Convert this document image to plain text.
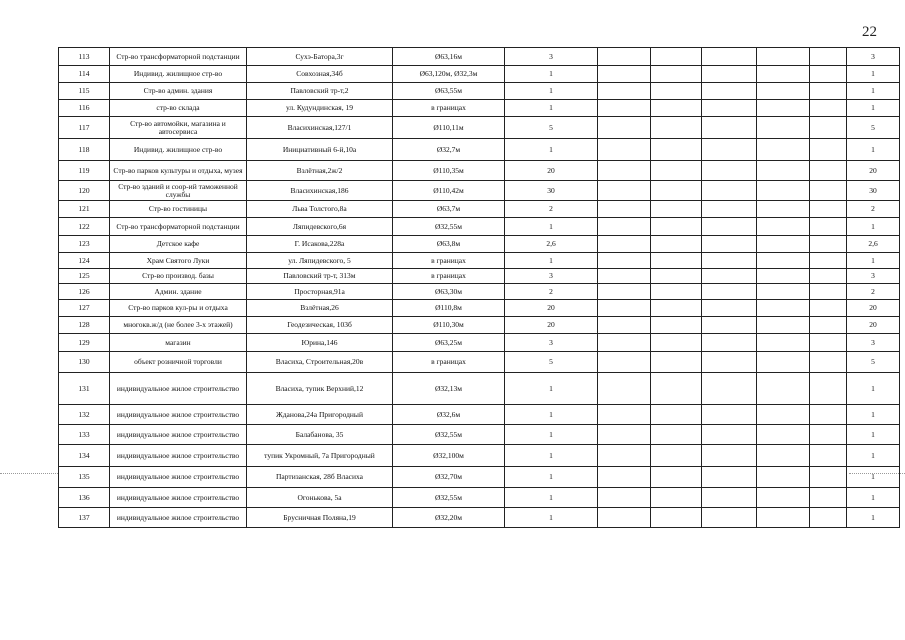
22
113	Стр-во трансформаторной подстанции	Сухэ-Батора,3г	Ø63,16м	3						3
114	Индивид. жилищное стр-во	Совхозная,34б	Ø63,120м, Ø32,3м	1						1
115	Стр-во админ. здания	Павловский тр-т,2	Ø63,55м	1						1
116	стр-во склада	ул. Кудундинская, 19	в границах	1						1
117	Стр-во автомойки, магазина и автосервиса	Власихинская,127/1	Ø110,11м	5						5
118	Индивид. жилищное стр-во	Инициативный 6-й,10а	Ø32,7м	1						1
119	Стр-во парков культуры и отдыха, музея	Взлётная,2ж/2	Ø110,35м	20						20
120	Стр-во зданий и соор-ий таможенной службы	Власихинская,186	Ø110,42м	30						30
121	Стр-во гостиницы	Льва Толстого,8а	Ø63,7м	2						2
122	Стр-во трансформаторной подстанции	Ляпидевского,6я	Ø32,55м	1						1
123	Детское кафе	Г. Исакова,228а	Ø63,8м	2,6						2,6
124	Храм Святого Луки	ул. Ляпидевского, 5	в границах	1						1
125	Стр-во производ. базы	Павловский тр-т, 313м	в границах	3						3
126	Админ. здание	Просторная,91а	Ø63,30м	2						2
127	Стр-во парков кул-ры и отдыха	Взлётная,26	Ø110,8м	20						20
128	многокв.ж/д (не более 3-х этажей)	Геодезическая, 103б	Ø110,30м	20						20
129	магазин	Юрина,146	Ø63,25м	3						3
130	объект розничной торговли	Власиха, Строительная,20в	в границах	5						5
131	индивидуальное жилое строительство	Власиха, тупик Верхний,12	Ø32,13м	1						1
132	индивидуальное жилое строительство	Жданова,24а Пригородный	Ø32,6м	1						1
133	индивидуальное жилое строительство	Балабанова, 35	Ø32,55м	1						1
134	индивидуальное жилое строительство	тупик Укромный, 7а Пригородный	Ø32,100м	1						1
135	индивидуальное жилое строительство	Партизанская, 28б Власиха	Ø32,70м	1						1
136	индивидуальное жилое строительство	Огонькова, 5а	Ø32,55м	1						1
137	индивидуальное жилое строительство	Брусничная Поляна,19	Ø32,20м	1						1
